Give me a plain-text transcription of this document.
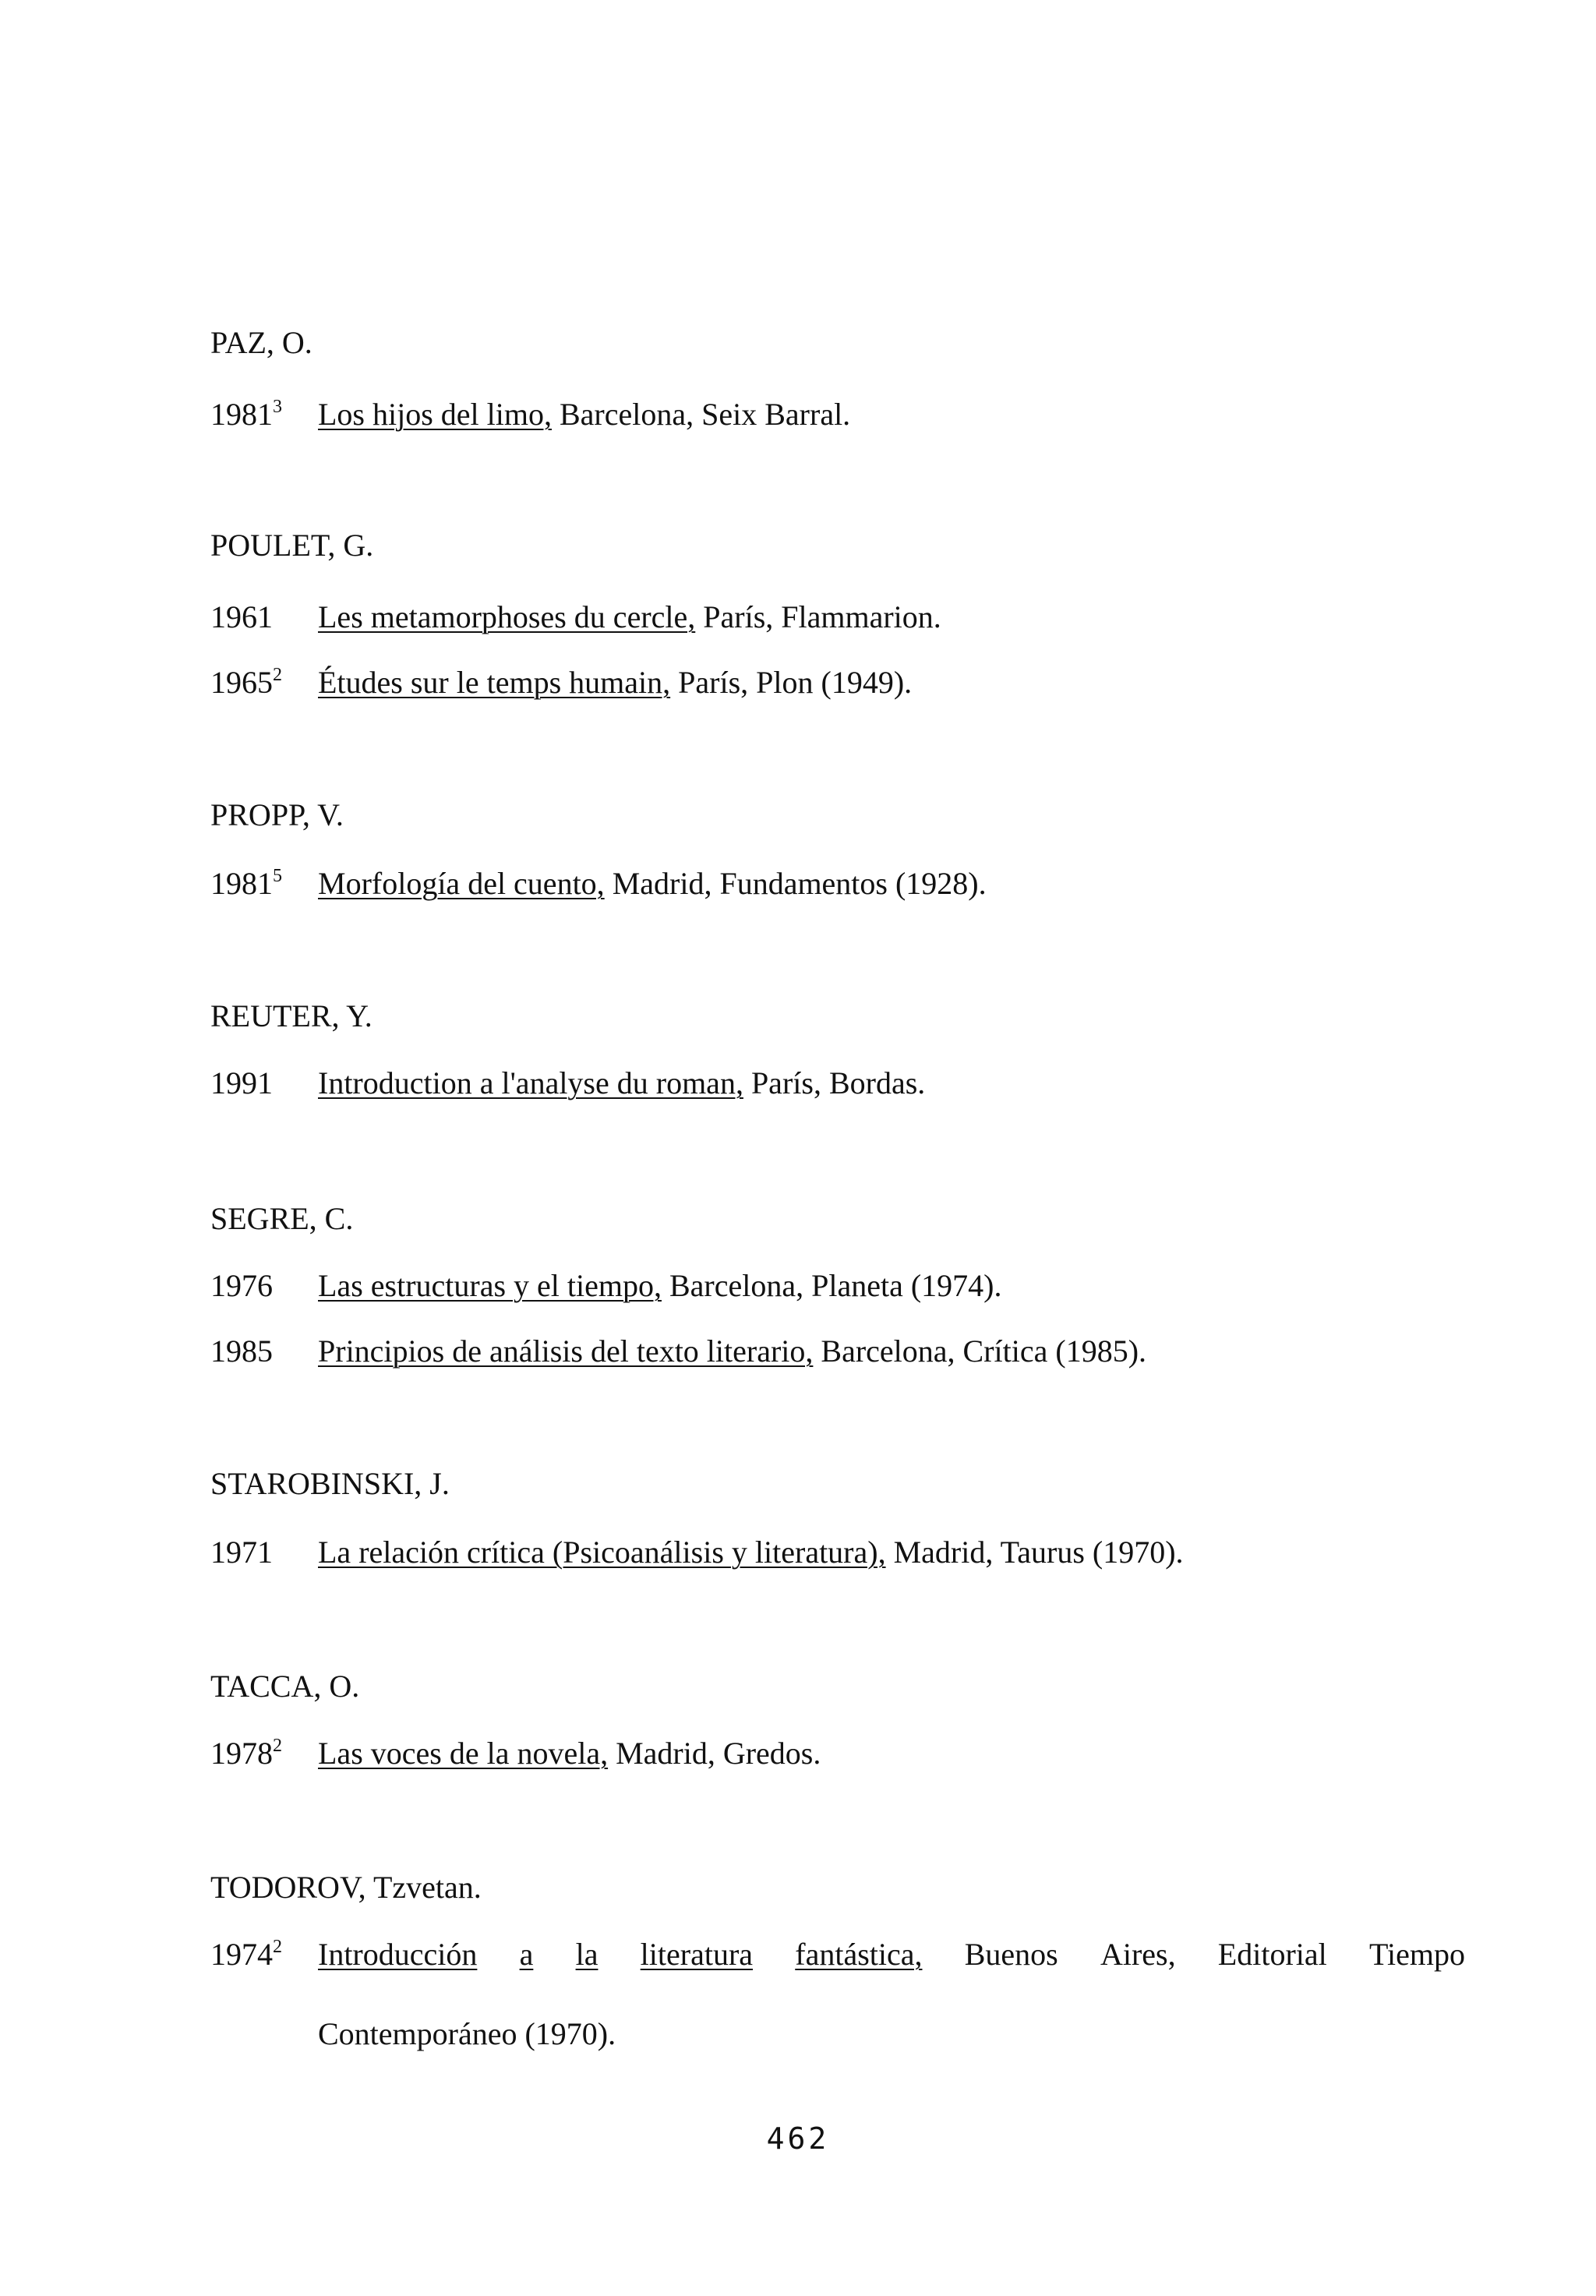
PAZ, O.
1981$^3$ Los hijos del limo, Barcelona, Seix Barral.
POULET, G.
1961 Les metamorphoses du cercle, París, Flammarion.
1965$^2$ Études sur le temps humain, París, Plon (1949).
PROPP, V.
1981$^5$ Morfología del cuento, Madrid, Fundamentos (1928).
REUTER, Y.
1991 Introduction a l'analyse du roman, París, Bordas.
SEGRE, C.
1976 Las estructuras y el tiempo, Barcelona, Planeta (1974).
1985 Principios de análisis del texto literario, Barcelona, Crítica (1985).
STAROBINSKI, J.
1971 La relación crítica (Psicoanálisis y literatura), Madrid, Taurus (1970).
TACCA, O.
1978$^2$ Las voces de la novela, Madrid, Gredos.
TODOROV, Tzvetan.
1974$^2$	Introducción a la literatura fantástica, Buenos Aires, Editorial Tiempo
Contemporáneo (1970).
462
